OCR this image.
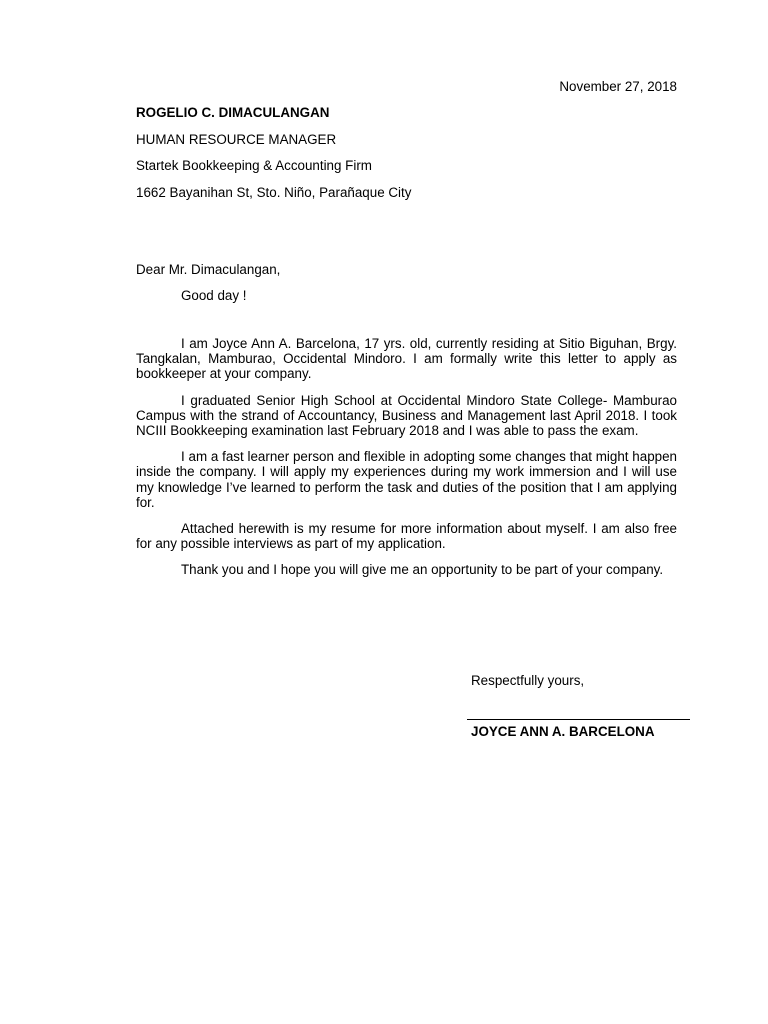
November 27, 2018
ROGELIO C. DIMACULANGAN
HUMAN RESOURCE MANAGER
Startek Bookkeeping & Accounting Firm
1662 Bayanihan St, Sto. Niño, Parañaque City
Dear Mr. Dimaculangan,
Good day !

I am Joyce Ann A. Barcelona, 17 yrs. old, currently residing at Sitio Biguhan, Brgy. Tangkalan, Mamburao, Occidental Mindoro. I am formally write this letter to apply as bookkeeper at your company.

I graduated Senior High School at Occidental Mindoro State College- Mamburao Campus with the strand of Accountancy, Business and Management last April 2018. I took NCIII Bookkeeping examination last February 2018 and I was able to pass the exam.

I am a fast learner person and flexible in adopting some changes that might happen inside the company. I will apply my experiences during my work immersion and I will use my knowledge I’ve learned to perform the task and duties of the position that I am applying for.

Attached herewith is my resume for more information about myself. I am also free for any possible interviews as part of my application.

Thank you and I hope you will give me an opportunity to be part of your company.

Respectfully yours,
JOYCE ANN A. BARCELONA
